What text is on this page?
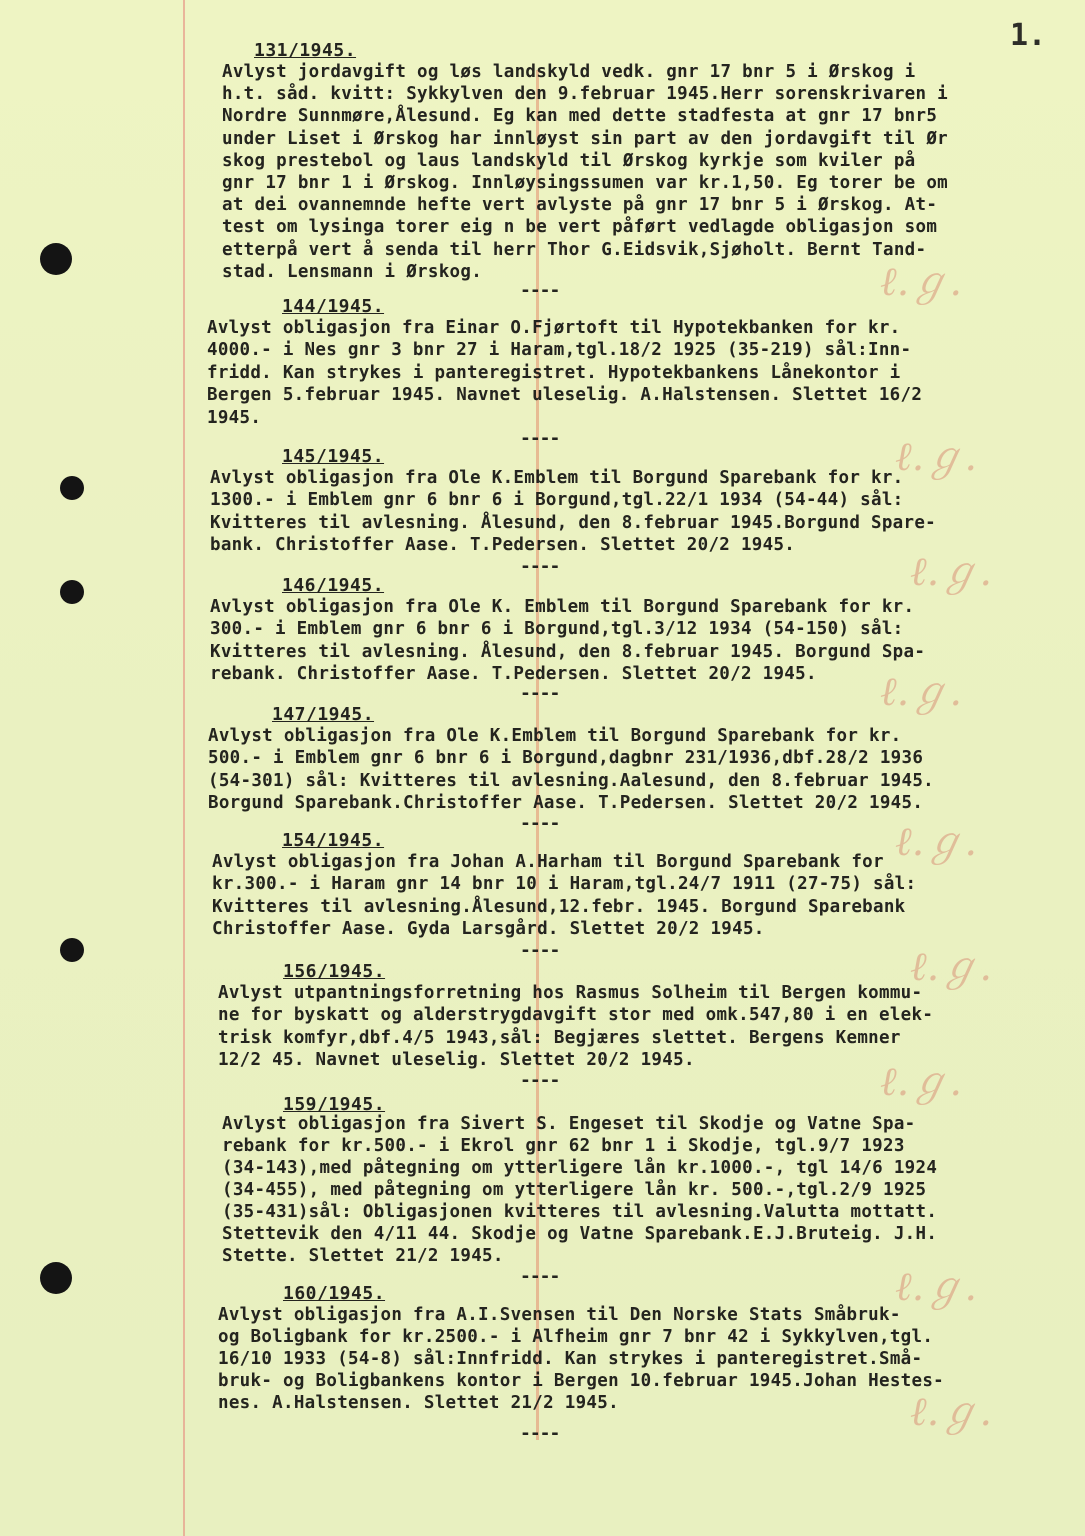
1.
131/1945.
Avlyst jordavgift og løs landskyld vedk. gnr 17 bnr 5 i Ørskog i
h.t. såd. kvitt: Sykkylven den 9.februar 1945.Herr sorenskrivaren i
Nordre Sunnmøre,Ålesund. Eg kan med dette stadfesta at gnr 17 bnr5
under Liset i Ørskog har innløyst sin part av den jordavgift til Ør
skog prestebol og laus landskyld til Ørskog kyrkje som kviler på
gnr 17 bnr 1 i Ørskog. Innløysingssumen var kr.1,50. Eg torer be om
at dei ovannemnde hefte vert avlyste på gnr 17 bnr 5 i Ørskog. At-
test om lysinga torer eig n be vert påført vedlagde obligasjon som
etterpå vert å senda til herr Thor G.Eidsvik,Sjøholt. Bernt Tand-
stad. Lensmann i Ørskog.
----	ℓ.ℊ.
144/1945.
Avlyst obligasjon fra Einar O.Fjørtoft til Hypotekbanken for kr.
4000.- i Nes gnr 3 bnr 27 i Haram,tgl.18/2 1925 (35-219) sål:Inn-
fridd. Kan strykes i panteregistret. Hypotekbankens Lånekontor i
Bergen 5.februar 1945. Navnet uleselig. A.Halstensen. Slettet 16/2
1945.
----	ℓ.ℊ.
145/1945.
Avlyst obligasjon fra Ole K.Emblem til Borgund Sparebank for kr.
1300.- i Emblem gnr 6 bnr 6 i Borgund,tgl.22/1 1934 (54-44) sål:
Kvitteres til avlesning. Ålesund, den 8.februar 1945.Borgund Spare-
bank. Christoffer Aase. T.Pedersen. Slettet 20/2 1945.
----	ℓ.ℊ.
146/1945.
Avlyst obligasjon fra Ole K. Emblem til Borgund Sparebank for kr.
300.- i Emblem gnr 6 bnr 6 i Borgund,tgl.3/12 1934 (54-150) sål:
Kvitteres til avlesning. Ålesund, den 8.februar 1945. Borgund Spa-
rebank. Christoffer Aase. T.Pedersen. Slettet 20/2 1945.
----	ℓ.ℊ.
147/1945.
Avlyst obligasjon fra Ole K.Emblem til Borgund Sparebank for kr.
500.- i Emblem gnr 6 bnr 6 i Borgund,dagbnr 231/1936,dbf.28/2 1936
(54-301) sål: Kvitteres til avlesning.Aalesund, den 8.februar 1945.
Borgund Sparebank.Christoffer Aase. T.Pedersen. Slettet 20/2 1945.
----	ℓ.ℊ.
154/1945.
Avlyst obligasjon fra Johan A.Harham til Borgund Sparebank for
kr.300.- i Haram gnr 14 bnr 10 i Haram,tgl.24/7 1911 (27-75) sål:
Kvitteres til avlesning.Ålesund,12.febr. 1945. Borgund Sparebank
Christoffer Aase. Gyda Larsgård. Slettet 20/2 1945.
----	ℓ.ℊ.
156/1945.
Avlyst utpantningsforretning hos Rasmus Solheim til Bergen kommu-
ne for byskatt og alderstrygdavgift stor med omk.547,80 i en elek-
trisk komfyr,dbf.4/5 1943,sål: Begjæres slettet. Bergens Kemner
12/2 45. Navnet uleselig. Slettet 20/2 1945.
----	ℓ.ℊ.
159/1945.
Avlyst obligasjon fra Sivert S. Engeset til Skodje og Vatne Spa-
rebank for kr.500.- i Ekrol gnr 62 bnr 1 i Skodje, tgl.9/7 1923
(34-143),med påtegning om ytterligere lån kr.1000.-, tgl 14/6 1924
(34-455), med påtegning om ytterligere lån kr. 500.-,tgl.2/9 1925
(35-431)sål: Obligasjonen kvitteres til avlesning.Valutta mottatt.
Stettevik den 4/11 44. Skodje og Vatne Sparebank.E.J.Bruteig. J.H.
Stette. Slettet 21/2 1945.
----	ℓ.ℊ.
160/1945.
Avlyst obligasjon fra A.I.Svensen til Den Norske Stats Småbruk-
og Boligbank for kr.2500.- i Alfheim gnr 7 bnr 42 i Sykkylven,tgl.
16/10 1933 (54-8) sål:Innfridd. Kan strykes i panteregistret.Små-
bruk- og Boligbankens kontor i Bergen 10.februar 1945.Johan Hestes-
nes. A.Halstensen. Slettet 21/2 1945.
----	ℓ.ℊ.
